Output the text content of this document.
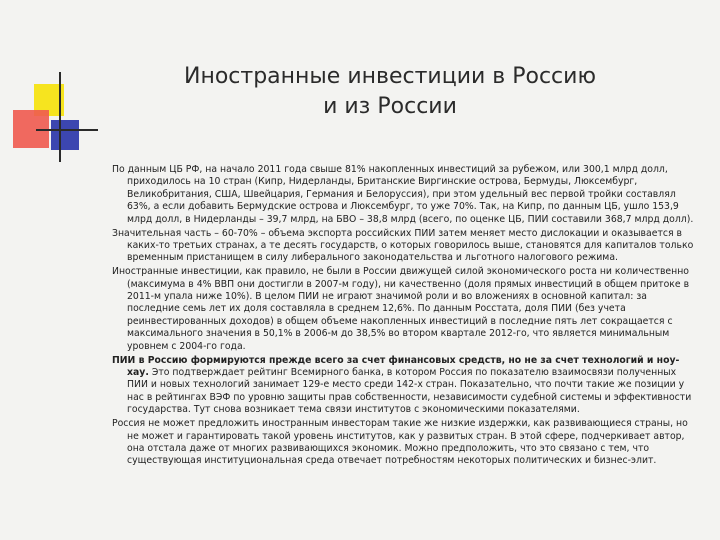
Иностранные инвестиции в Россию
и из России

По данным ЦБ РФ, на начало 2011 года свыше 81% накопленных инвестиций за рубежом, или 300,1 млрд долл, приходилось на 10 стран (Кипр, Нидерланды, Британские Виргинские острова, Бермуды, Люксембург, Великобритания, США, Швейцария, Германия и Белоруссия), при этом удельный вес первой тройки составлял 63%, а если добавить Бермудские острова и Люксембург, то уже 70%. Так, на Кипр, по данным ЦБ, ушло 153,9 млрд долл, в Нидерланды – 39,7 млрд, на БВО – 38,8 млрд (всего, по оценке ЦБ, ПИИ составили 368,7 млрд долл).

Значительная часть – 60-70% – объема экспорта российских ПИИ затем меняет место дислокации и оказывается в каких-то третьих странах, а те десять государств, о которых говорилось выше, становятся для капиталов только временным пристанищем в силу либерального законодательства и льготного налогового режима.

Иностранные инвестиции, как правило, не были в России движущей силой экономического роста ни количественно (максимума в 4% ВВП они достигли в 2007-м году), ни качественно (доля прямых инвестиций в общем притоке в 2011-м упала ниже 10%). В целом ПИИ не играют значимой роли и во вложениях в основной капитал: за последние семь лет их доля составляла в среднем 12,6%. По данным Росстата, доля ПИИ (без учета реинвестированных доходов) в общем объеме накопленных инвестиций в последние пять лет сокращается с максимального значения в 50,1% в 2006-м до 38,5% во втором квартале 2012-го, что является минимальным уровнем с 2004-го года.

ПИИ в Россию формируются прежде всего за счет финансовых средств, но не за счет технологий и ноу-хау. Это подтверждает рейтинг Всемирного банка, в котором Россия по показателю взаимосвязи полученных ПИИ и новых технологий занимает 129-е место среди 142-х стран. Показательно, что почти такие же позиции у нас в рейтингах ВЭФ по уровню защиты прав собственности, независимости судебной системы и эффективности государства. Тут снова возникает тема связи институтов с экономическими показателями.

Россия не может предложить иностранным инвесторам такие же низкие издержки, как развивающиеся страны, но не может и гарантировать такой уровень институтов, как у развитых стран. В этой сфере, подчеркивает автор, она отстала даже от многих развивающихся экономик. Можно предположить, что это связано с тем, что существующая институциональная среда отвечает потребностям некоторых политических и бизнес-элит.
